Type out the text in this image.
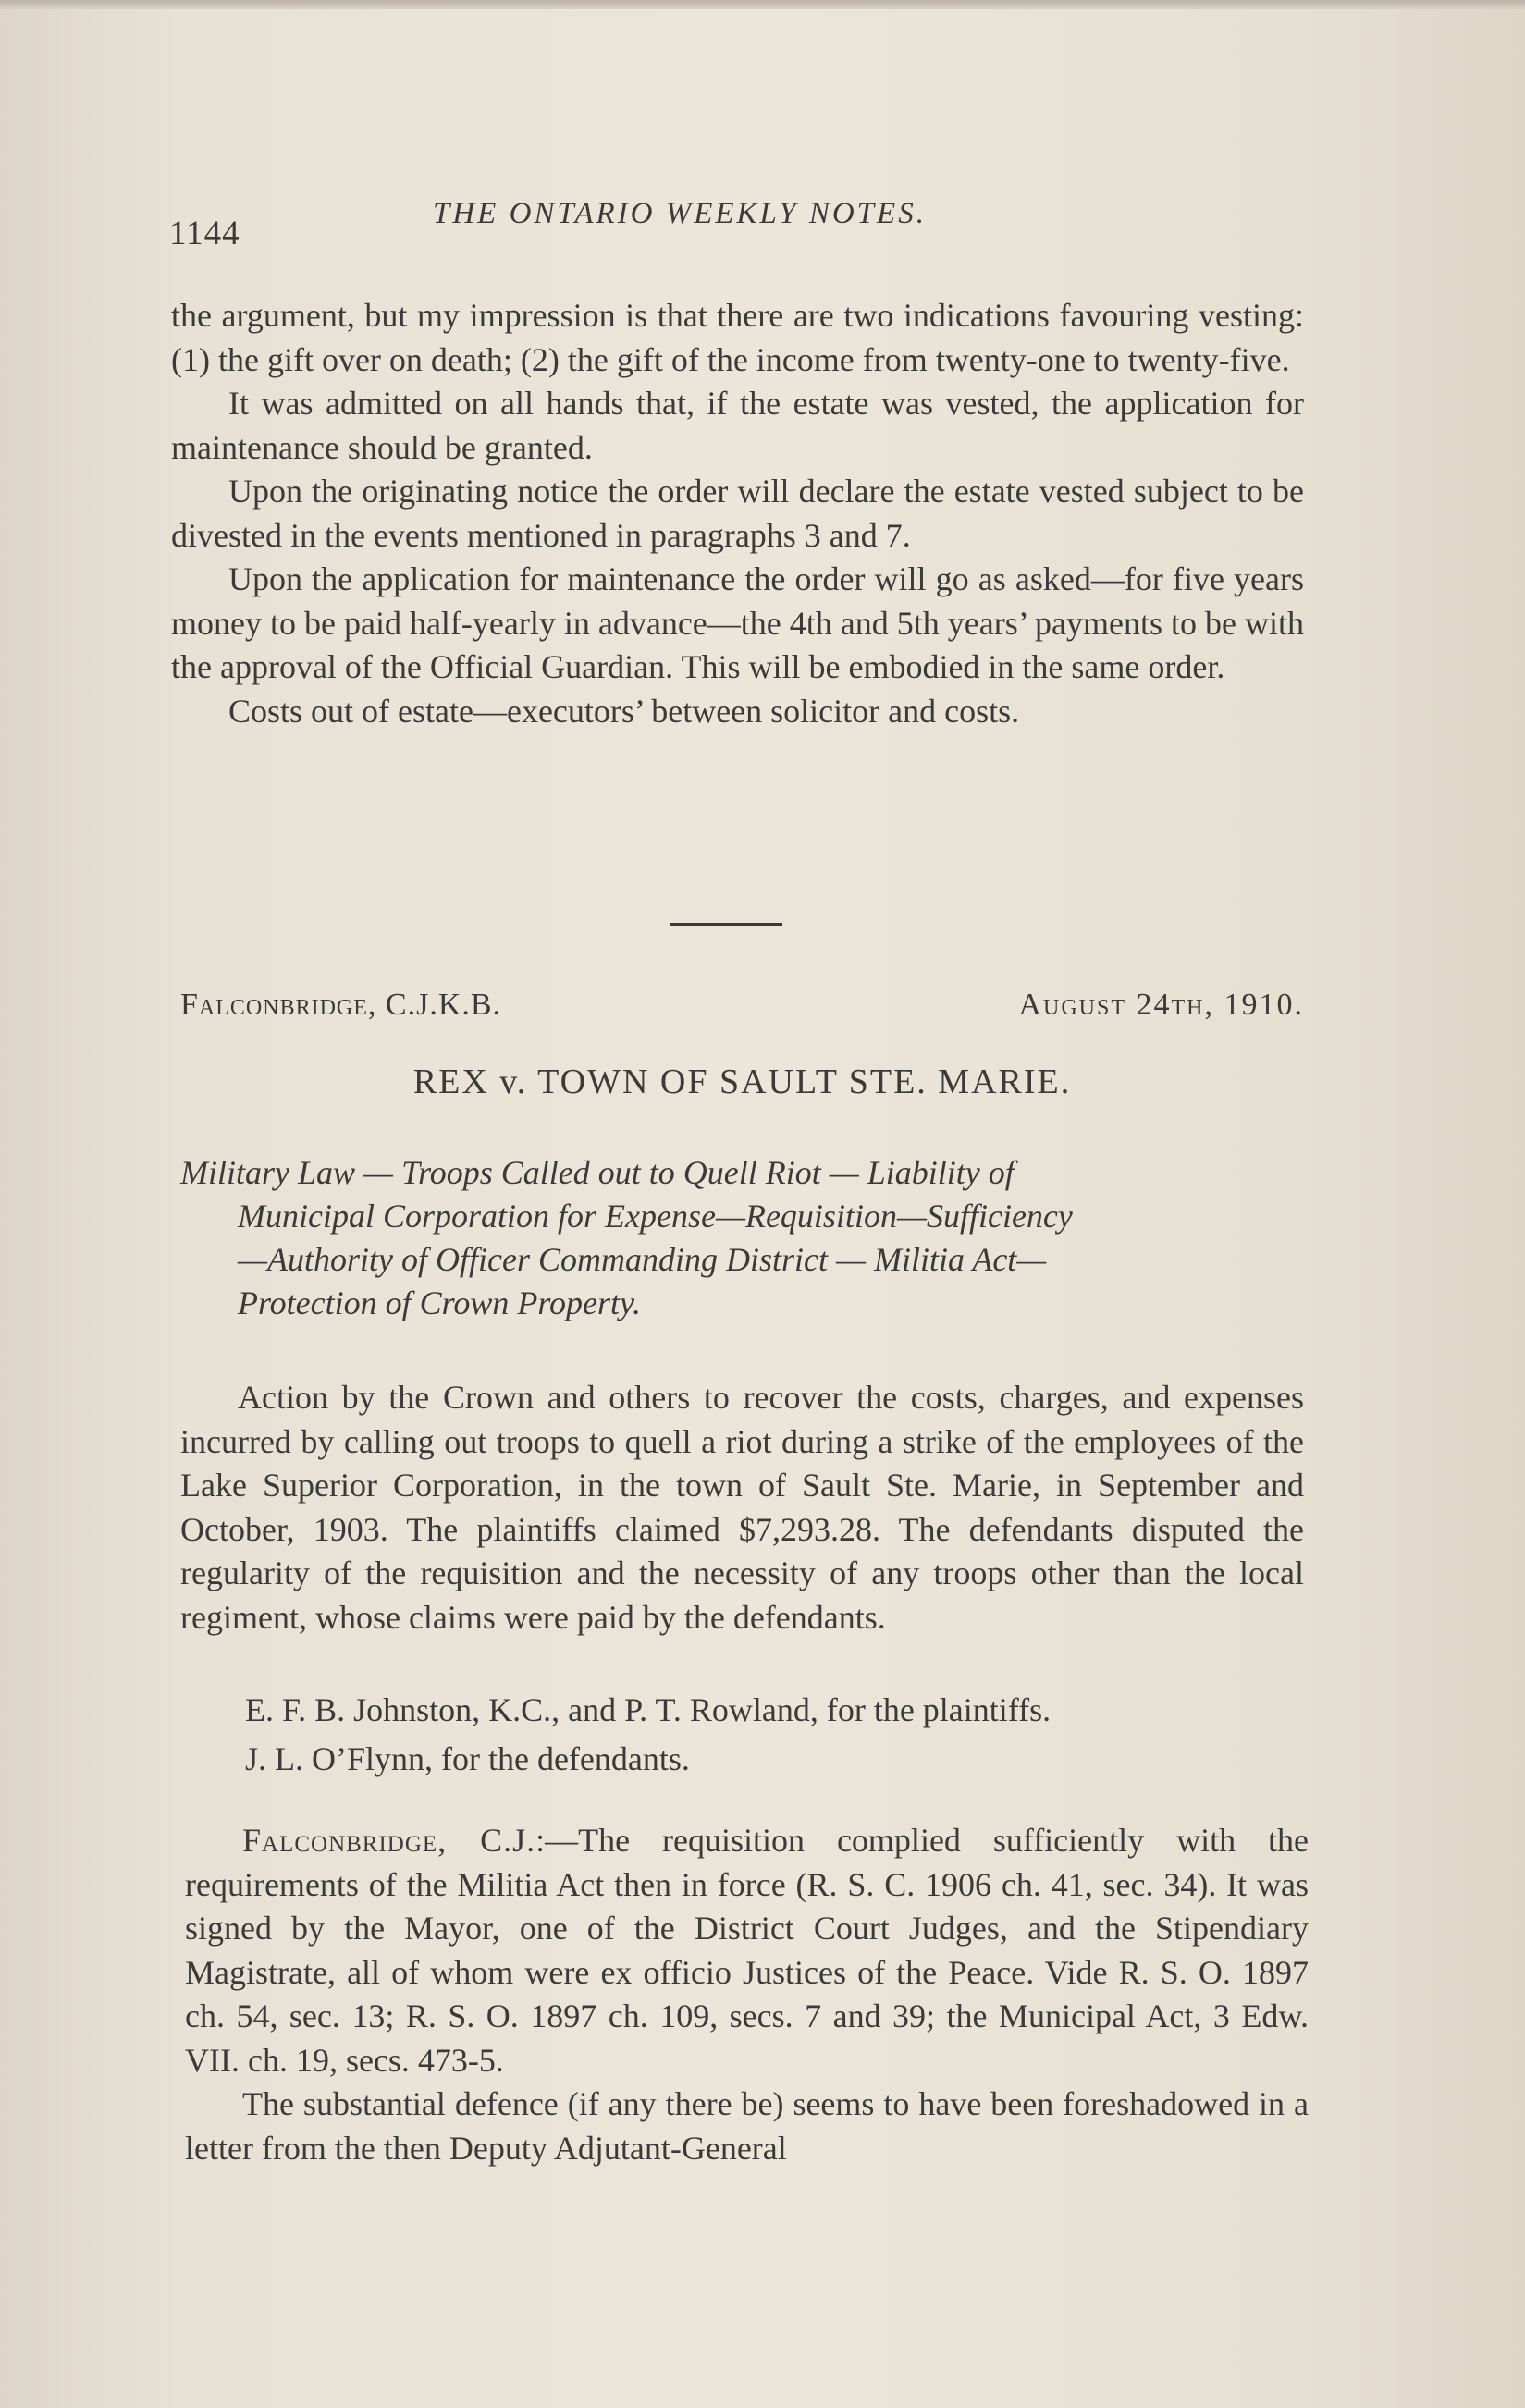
1144
THE ONTARIO WEEKLY NOTES.

the argument, but my impression is that there are two indications favouring vesting: (1) the gift over on death; (2) the gift of the income from twenty-one to twenty-five.

It was admitted on all hands that, if the estate was vested, the application for maintenance should be granted.

Upon the originating notice the order will declare the estate vested subject to be divested in the events mentioned in paragraphs 3 and 7.

Upon the application for maintenance the order will go as asked—for five years money to be paid half-yearly in advance—the 4th and 5th years’ payments to be with the approval of the Official Guardian. This will be embodied in the same order.

Costs out of estate—executors’ between solicitor and costs.

Falconbridge, C.J.K.B.	August 24th, 1910.
REX v. TOWN OF SAULT STE. MARIE.
Military Law — Troops Called out to Quell Riot — Liability of
Municipal Corporation for Expense—Requisition—Sufficiency
—Authority of Officer Commanding District — Militia Act—
Protection of Crown Property.

Action by the Crown and others to recover the costs, charges, and expenses incurred by calling out troops to quell a riot during a strike of the employees of the Lake Superior Corporation, in the town of Sault Ste. Marie, in September and October, 1903. The plaintiffs claimed $7,293.28. The defendants disputed the regularity of the requisition and the necessity of any troops other than the local regiment, whose claims were paid by the defendants.

E. F. B. Johnston, K.C., and P. T. Rowland, for the plaintiffs.

J. L. O’Flynn, for the defendants.

Falconbridge, C.J.:—The requisition complied sufficiently with the requirements of the Militia Act then in force (R. S. C. 1906 ch. 41, sec. 34). It was signed by the Mayor, one of the District Court Judges, and the Stipendiary Magistrate, all of whom were ex officio Justices of the Peace. Vide R. S. O. 1897 ch. 54, sec. 13; R. S. O. 1897 ch. 109, secs. 7 and 39; the Municipal Act, 3 Edw. VII. ch. 19, secs. 473-5.

The substantial defence (if any there be) seems to have been foreshadowed in a letter from the then Deputy Adjutant-General
